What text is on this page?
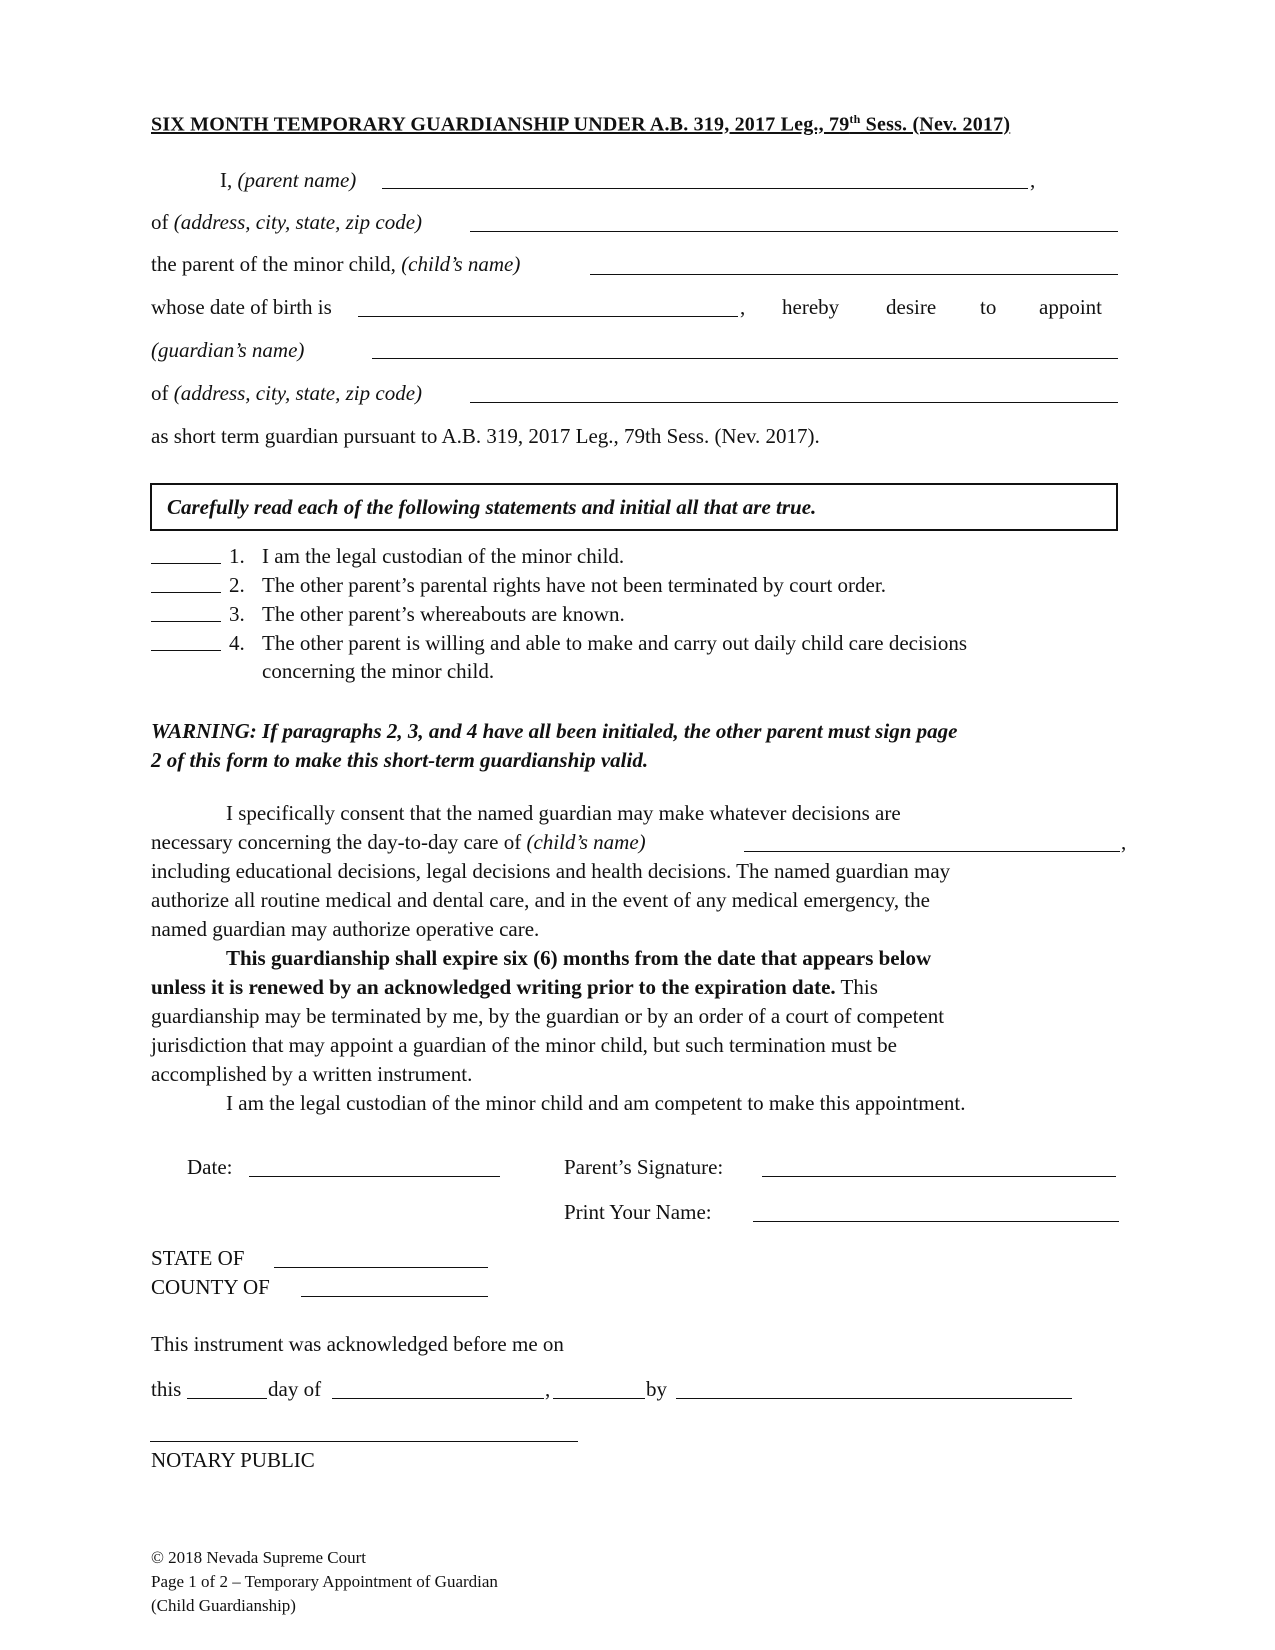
SIX MONTH TEMPORARY GUARDIANSHIP UNDER A.B. 319, 2017 Leg., 79th Sess. (Nev. 2017)
I, (parent name)	,
of (address, city, state, zip code)
the parent of the minor child, (child’s name)
whose date of birth is	, hereby desire to appoint
(guardian’s name)
of (address, city, state, zip code)
as short term guardian pursuant to A.B. 319, 2017 Leg., 79th Sess. (Nev. 2017).
Carefully read each of the following statements and initial all that are true.
1. I am the legal custodian of the minor child.
2. The other parent’s parental rights have not been terminated by court order.
3. The other parent’s whereabouts are known.
4. The other parent is willing and able to make and carry out daily child care decisions
concerning the minor child.
WARNING: If paragraphs 2, 3, and 4 have all been initialed, the other parent must sign page
2 of this form to make this short-term guardianship valid.
I specifically consent that the named guardian may make whatever decisions are
necessary concerning the day-to-day care of (child’s name)	,
including educational decisions, legal decisions and health decisions. The named guardian may
authorize all routine medical and dental care, and in the event of any medical emergency, the
named guardian may authorize operative care.
This guardianship shall expire six (6) months from the date that appears below
unless it is renewed by an acknowledged writing prior to the expiration date. This
guardianship may be terminated by me, by the guardian or by an order of a court of competent
jurisdiction that may appoint a guardian of the minor child, but such termination must be
accomplished by a written instrument.
I am the legal custodian of the minor child and am competent to make this appointment.
Date:	Parent’s Signature:
Print Your Name:
STATE OF
COUNTY OF
This instrument was acknowledged before me on
this	day of	,	by
NOTARY PUBLIC
© 2018 Nevada Supreme Court
Page 1 of 2 – Temporary Appointment of Guardian
(Child Guardianship)
